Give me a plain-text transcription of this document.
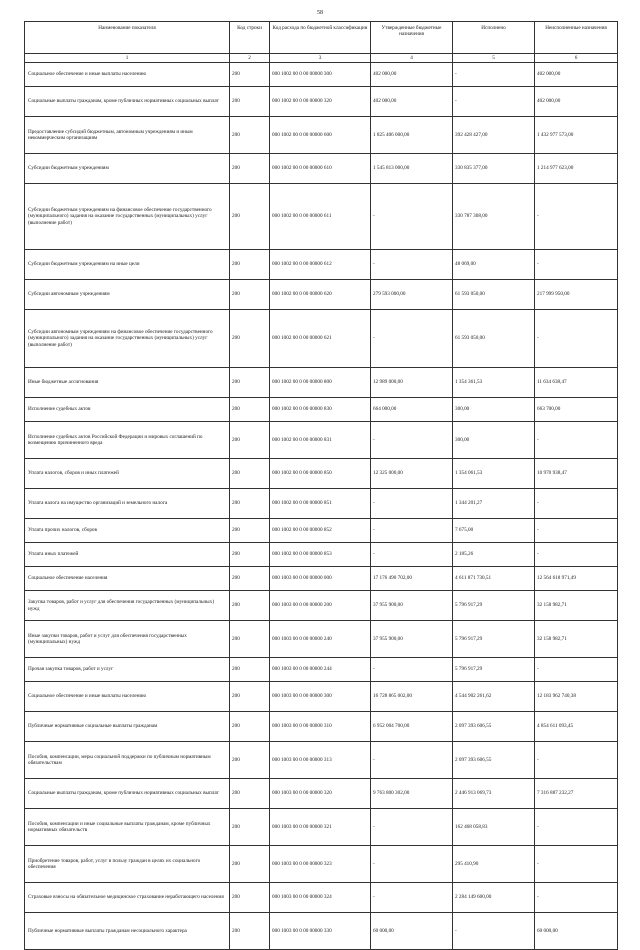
58
Наименование показателя	Код строки	Код расхода по бюджетной классификации	Утвержденные бюджетные назначения	Исполнено	Неисполненные назначения
1	2	3	4	5	6
Социальное обеспечение и иные выплаты населению	200	000 1002 00 0 00 00000 300	402 000,00	-	402 000,00
Социальные выплаты гражданам, кроме публичных нормативных социальных выплат	200	000 1002 00 0 00 00000 320	402 000,00	-	402 000,00
Предоставление субсидий бюджетным, автономным учреждениям и иным некоммерческим организациям	200	000 1002 00 0 00 00000 600	1 825 406 000,00	392 428 427,00	1 432 977 573,00
Субсидии бюджетным учреждениям	200	000 1002 00 0 00 00000 610	1 545 813 000,00	330 835 377,00	1 214 977 623,00
Субсидии бюджетным учреждениям на финансовое обеспечение государственного (муниципального) задания на оказание государственных (муниципальных) услуг (выполнение работ)	200	000 1002 00 0 00 00000 611	-	330 787 308,00	-
Субсидии бюджетным учреждениям на иные цели	200	000 1002 00 0 00 00000 612	-	48 069,00	-
Субсидии автономным учреждениям	200	000 1002 00 0 00 00000 620	279 593 000,00	61 593 050,00	217 999 950,00
Субсидии автономным учреждениям на финансовое обеспечение государственного (муниципального) задания на оказание государственных (муниципальных) услуг (выполнение работ)	200	000 1002 00 0 00 00000 621	-	61 593 050,00	-
Иные бюджетные ассигнования	200	000 1002 00 0 00 00000 800	12 989 000,00	1 354 361,53	11 634 638,47
Исполнение судебных актов	200	000 1002 00 0 00 00000 830	664 000,00	300,00	663 700,00
Исполнение судебных актов Российской Федерации и мировых соглашений по возмещению причиненного вреда	200	000 1002 00 0 00 00000 831	-	300,00	-
Уплата налогов, сборов и иных платежей	200	000 1002 00 0 00 00000 850	12 325 000,00	1 354 061,53	10 970 938,47
Уплата налога на имущество организаций и земельного налога	200	000 1002 00 0 00 00000 851	-	1 344 201,27	-
Уплата прочих налогов, сборов	200	000 1002 00 0 00 00000 852	-	7 675,00	-
Уплата иных платежей	200	000 1002 00 0 00 00000 853	-	2 185,26	-
Социальное обеспечение населения	200	000 1003 00 0 00 00000 000	17 176 490 702,00	4 611 871 730,51	12 564 618 971,49
Закупка товаров, работ и услуг для обеспечения государственных (муниципальных) нужд	200	000 1003 00 0 00 00000 200	37 955 900,00	5 796 917,29	32 158 982,71
Иные закупки товаров, работ и услуг для обеспечения государственных (муниципальных) нужд	200	000 1003 00 0 00 00000 240	37 955 900,00	5 796 917,29	32 158 982,71
Прочая закупка товаров, работ и услуг	200	000 1003 00 0 00 00000 244	-	5 796 917,29	-
Социальное обеспечение и иные выплаты населению	200	000 1003 00 0 00 00000 300	16 728 865 002,00	4 544 902 261,62	12 183 962 740,38
Публичные нормативные социальные выплаты гражданам	200	000 1003 00 0 00 00000 310	6 952 004 700,00	2 097 393 606,55	4 854 611 093,45
Пособия, компенсации, меры социальной поддержки по публичным нормативным обязательствам	200	000 1003 00 0 00 00000 313	-	2 097 393 606,55	-
Социальные выплаты гражданам, кроме публичных нормативных социальных выплат	200	000 1003 00 0 00 00000 320	9 763 800 302,00	2 446 913 069,73	7 316 887 232,27
Пособия, компенсации и иные социальные выплаты гражданам, кроме публичных нормативных обязательств	200	000 1003 00 0 00 00000 321	-	162 468 058,83	-
Приобретение товаров, работ, услуг в пользу граждан в целях их социального обеспечения	200	000 1003 00 0 00 00000 323	-	295 410,90	-
Страховые взносы на обязательное медицинское страхование неработающего населения	200	000 1003 00 0 00 00000 324	-	2 284 149 600,00	-
Публичные нормативные выплаты гражданам несоциального характера	200	000 1003 00 0 00 00000 330	60 000,00	-	60 000,00
